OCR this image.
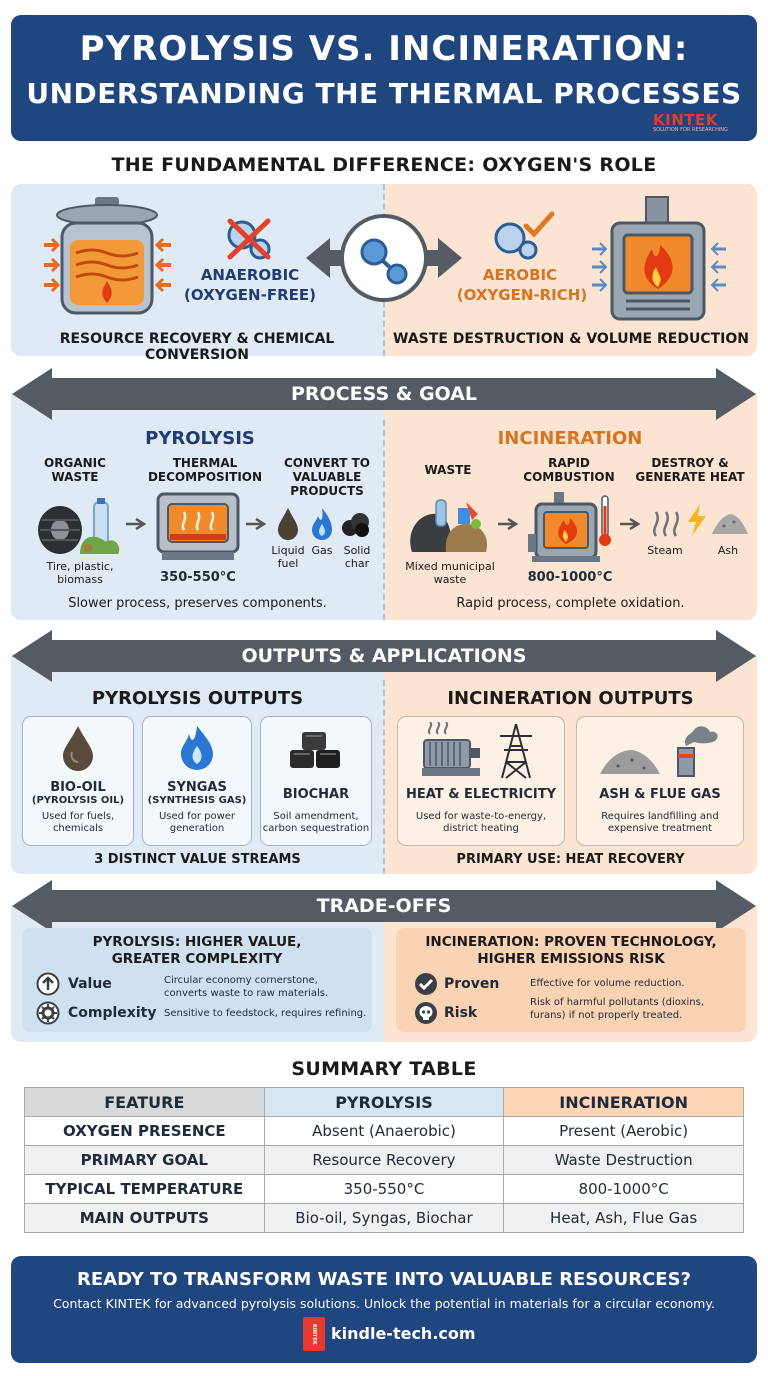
PYROLYSIS VS. INCINERATION:
UNDERSTANDING THE THERMAL PROCESSES
KINTEK
SOLUTION FOR RESEARCHING
THE FUNDAMENTAL DIFFERENCE: OXYGEN'S ROLE
ANAEROBIC
(OXYGEN-FREE)
AEROBIC
(OXYGEN-RICH)
RESOURCE RECOVERY & CHEMICAL CONVERSION
WASTE DESTRUCTION & VOLUME REDUCTION
PROCESS & GOAL
PYROLYSIS
ORGANIC WASTE
THERMAL DECOMPOSITION
CONVERT TO VALUABLE PRODUCTS
Tire, plastic, biomass	350-550°C
Liquid fuel
Gas	Solid char
Slower process, preserves components.
INCINERATION
WASTE	RAPID COMBUSTION
DESTROY & GENERATE HEAT
Mixed municipal waste	800-1000°C
Steam	Ash
Rapid process, complete oxidation.
OUTPUTS & APPLICATIONS
PYROLYSIS OUTPUTS	INCINERATION OUTPUTS
BIO-OIL
(PYROLYSIS OIL)
Used for fuels, chemicals
SYNGAS
(SYNTHESIS GAS)
Used for power generation
BIOCHAR
Soil amendment, carbon sequestration
3 DISTINCT VALUE STREAMS
HEAT & ELECTRICITY
Used for waste-to-energy, district heating
ASH & FLUE GAS
Requires landfilling and expensive treatment
PRIMARY USE: HEAT RECOVERY
TRADE-OFFS
PYROLYSIS: HIGHER VALUE,
GREATER COMPLEXITY
Value	Circular economy cornerstone, converts waste to raw materials.
Complexity Sensitive to feedstock, requires refining.
INCINERATION: PROVEN TECHNOLOGY,
HIGHER EMISSIONS RISK
Proven	Effective for volume reduction.
Risk
Risk of harmful pollutants (dioxins, furans) if not properly treated.
SUMMARY TABLE
FEATURE	PYROLYSIS	INCINERATION
OXYGEN PRESENCE	Absent (Anaerobic)	Present (Aerobic)
PRIMARY GOAL	Resource Recovery	Waste Destruction
TYPICAL TEMPERATURE	350-550°C	800-1000°C
MAIN OUTPUTS	Bio-oil, Syngas, Biochar	Heat, Ash, Flue Gas
READY TO TRANSFORM WASTE INTO VALUABLE RESOURCES?
Contact KINTEK for advanced pyrolysis solutions. Unlock the potential in materials for a circular economy.
KINTEK kindle-tech.com
